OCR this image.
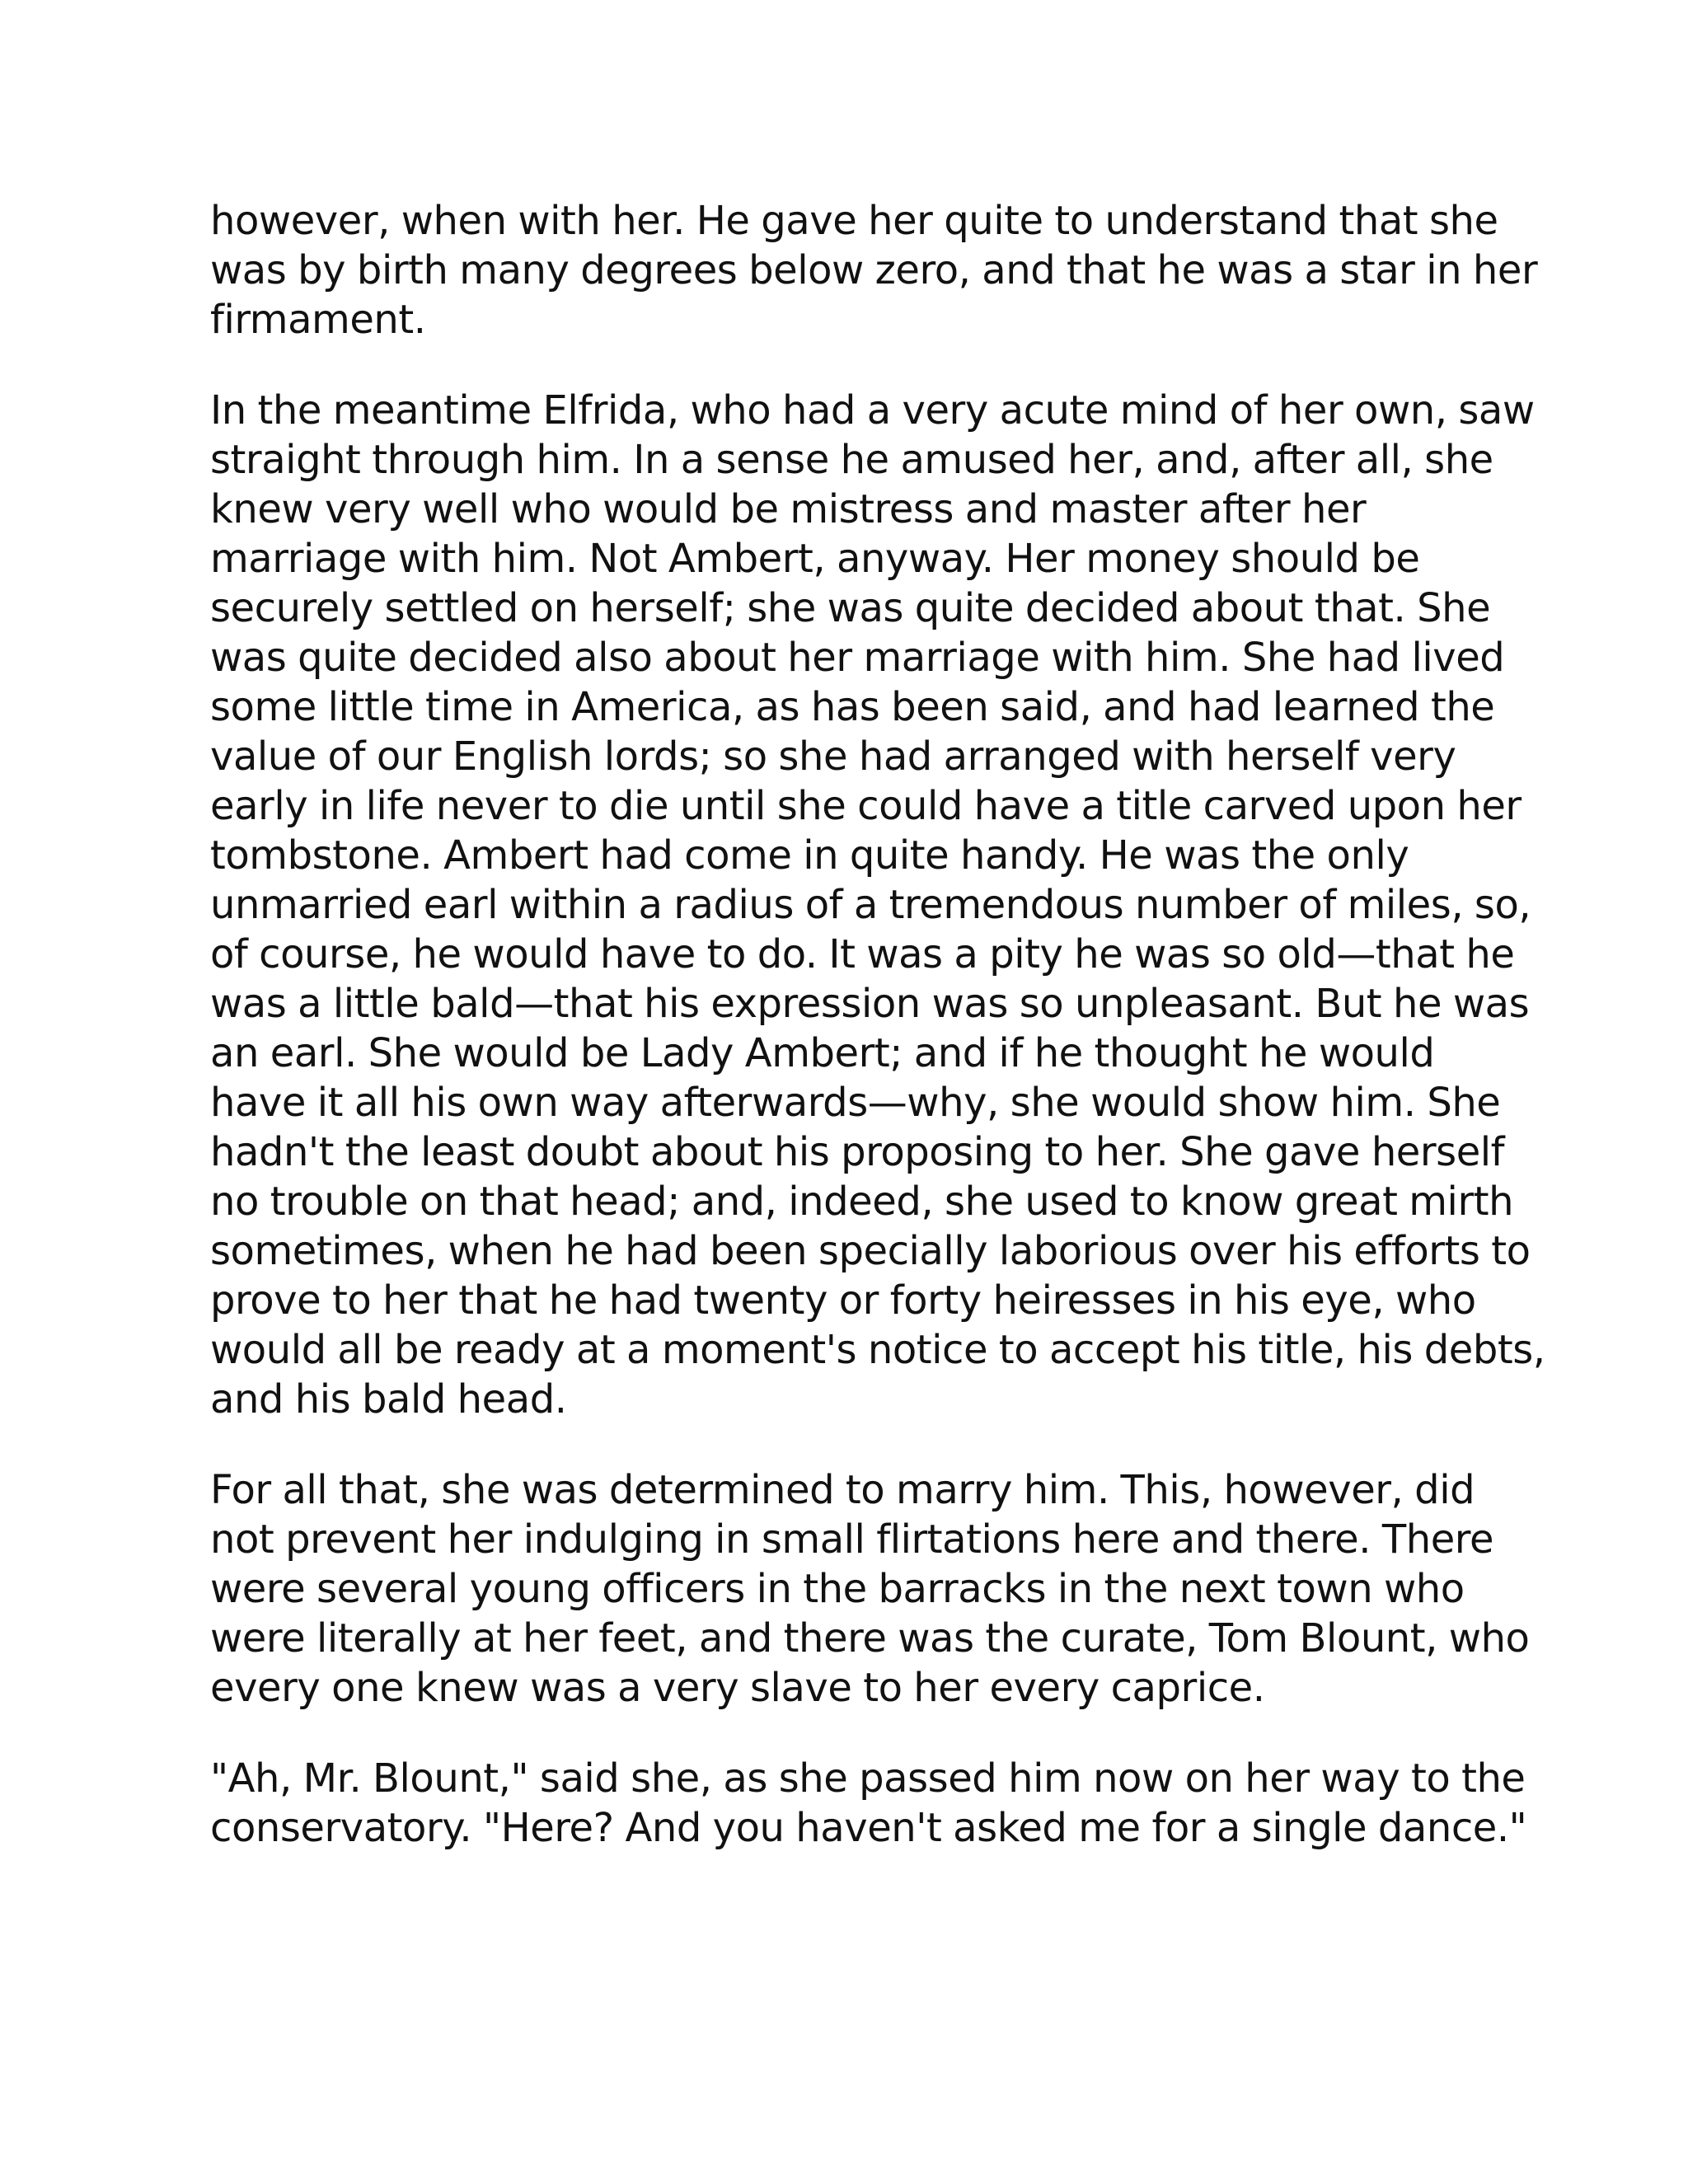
however, when with her. He gave her quite to understand that she
was by birth many degrees below zero, and that he was a star in her
firmament.

In the meantime Elfrida, who had a very acute mind of her own, saw
straight through him. In a sense he amused her, and, after all, she
knew very well who would be mistress and master after her
marriage with him. Not Ambert, anyway. Her money should be
securely settled on herself; she was quite decided about that. She
was quite decided also about her marriage with him. She had lived
some little time in America, as has been said, and had learned the
value of our English lords; so she had arranged with herself very
early in life never to die until she could have a title carved upon her
tombstone. Ambert had come in quite handy. He was the only
unmarried earl within a radius of a tremendous number of miles, so,
of course, he would have to do. It was a pity he was so old—that he
was a little bald—that his expression was so unpleasant. But he was
an earl. She would be Lady Ambert; and if he thought he would
have it all his own way afterwards—why, she would show him. She
hadn't the least doubt about his proposing to her. She gave herself
no trouble on that head; and, indeed, she used to know great mirth
sometimes, when he had been specially laborious over his efforts to
prove to her that he had twenty or forty heiresses in his eye, who
would all be ready at a moment's notice to accept his title, his debts,
and his bald head.

For all that, she was determined to marry him. This, however, did
not prevent her indulging in small flirtations here and there. There
were several young officers in the barracks in the next town who
were literally at her feet, and there was the curate, Tom Blount, who
every one knew was a very slave to her every caprice.

"Ah, Mr. Blount," said she, as she passed him now on her way to the
conservatory. "Here? And you haven't asked me for a single dance."
